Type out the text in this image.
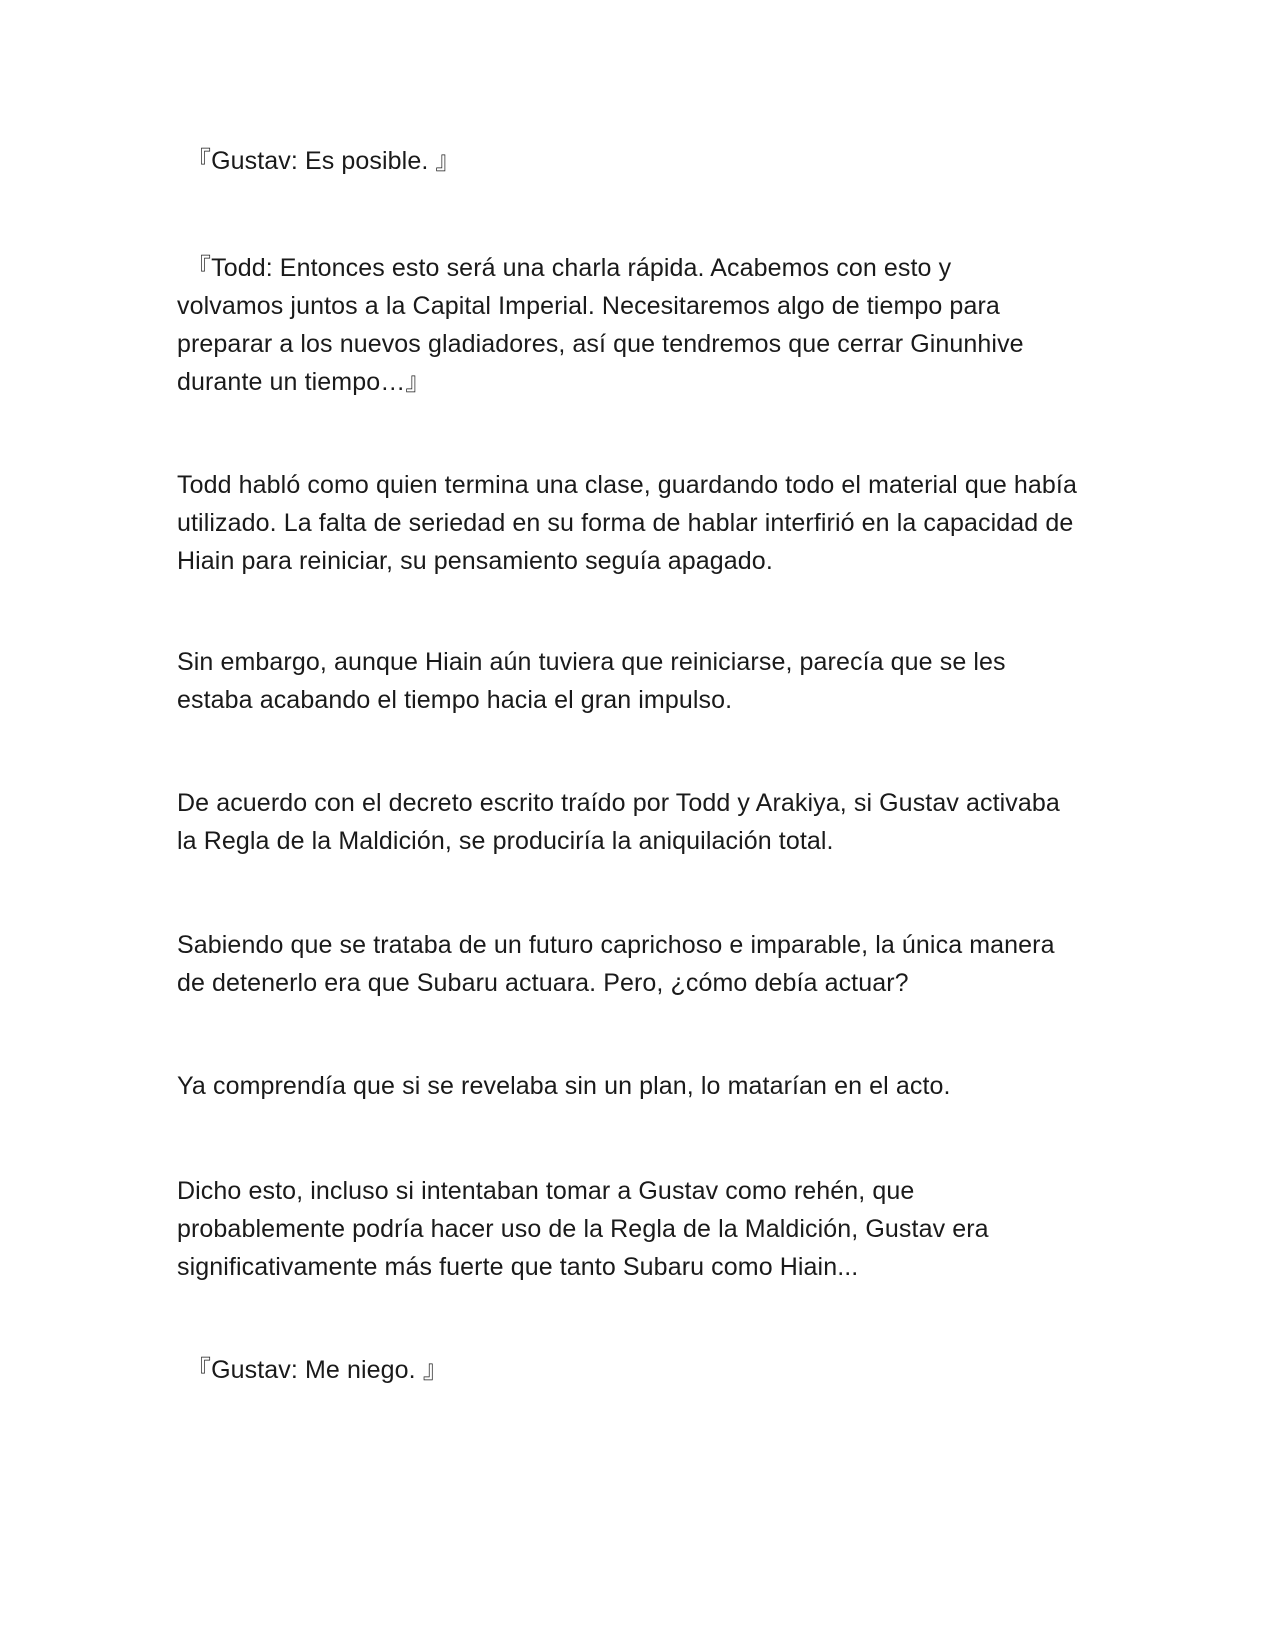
『Gustav: Es posible. 』

『Todd: Entonces esto será una charla rápida. Acabemos con esto y volvamos juntos a la Capital Imperial. Necesitaremos algo de tiempo para preparar a los nuevos gladiadores, así que tendremos que cerrar Ginunhive durante un tiempo…』

Todd habló como quien termina una clase, guardando todo el material que había utilizado. La falta de seriedad en su forma de hablar interfirió en la capacidad de Hiain para reiniciar, su pensamiento seguía apagado.

Sin embargo, aunque Hiain aún tuviera que reiniciarse, parecía que se les estaba acabando el tiempo hacia el gran impulso.

De acuerdo con el decreto escrito traído por Todd y Arakiya, si Gustav activaba la Regla de la Maldición, se produciría la aniquilación total.

Sabiendo que se trataba de un futuro caprichoso e imparable, la única manera de detenerlo era que Subaru actuara. Pero, ¿cómo debía actuar?

Ya comprendía que si se revelaba sin un plan, lo matarían en el acto.

Dicho esto, incluso si intentaban tomar a Gustav como rehén, que probablemente podría hacer uso de la Regla de la Maldición, Gustav era significativamente más fuerte que tanto Subaru como Hiain...

『Gustav: Me niego. 』
